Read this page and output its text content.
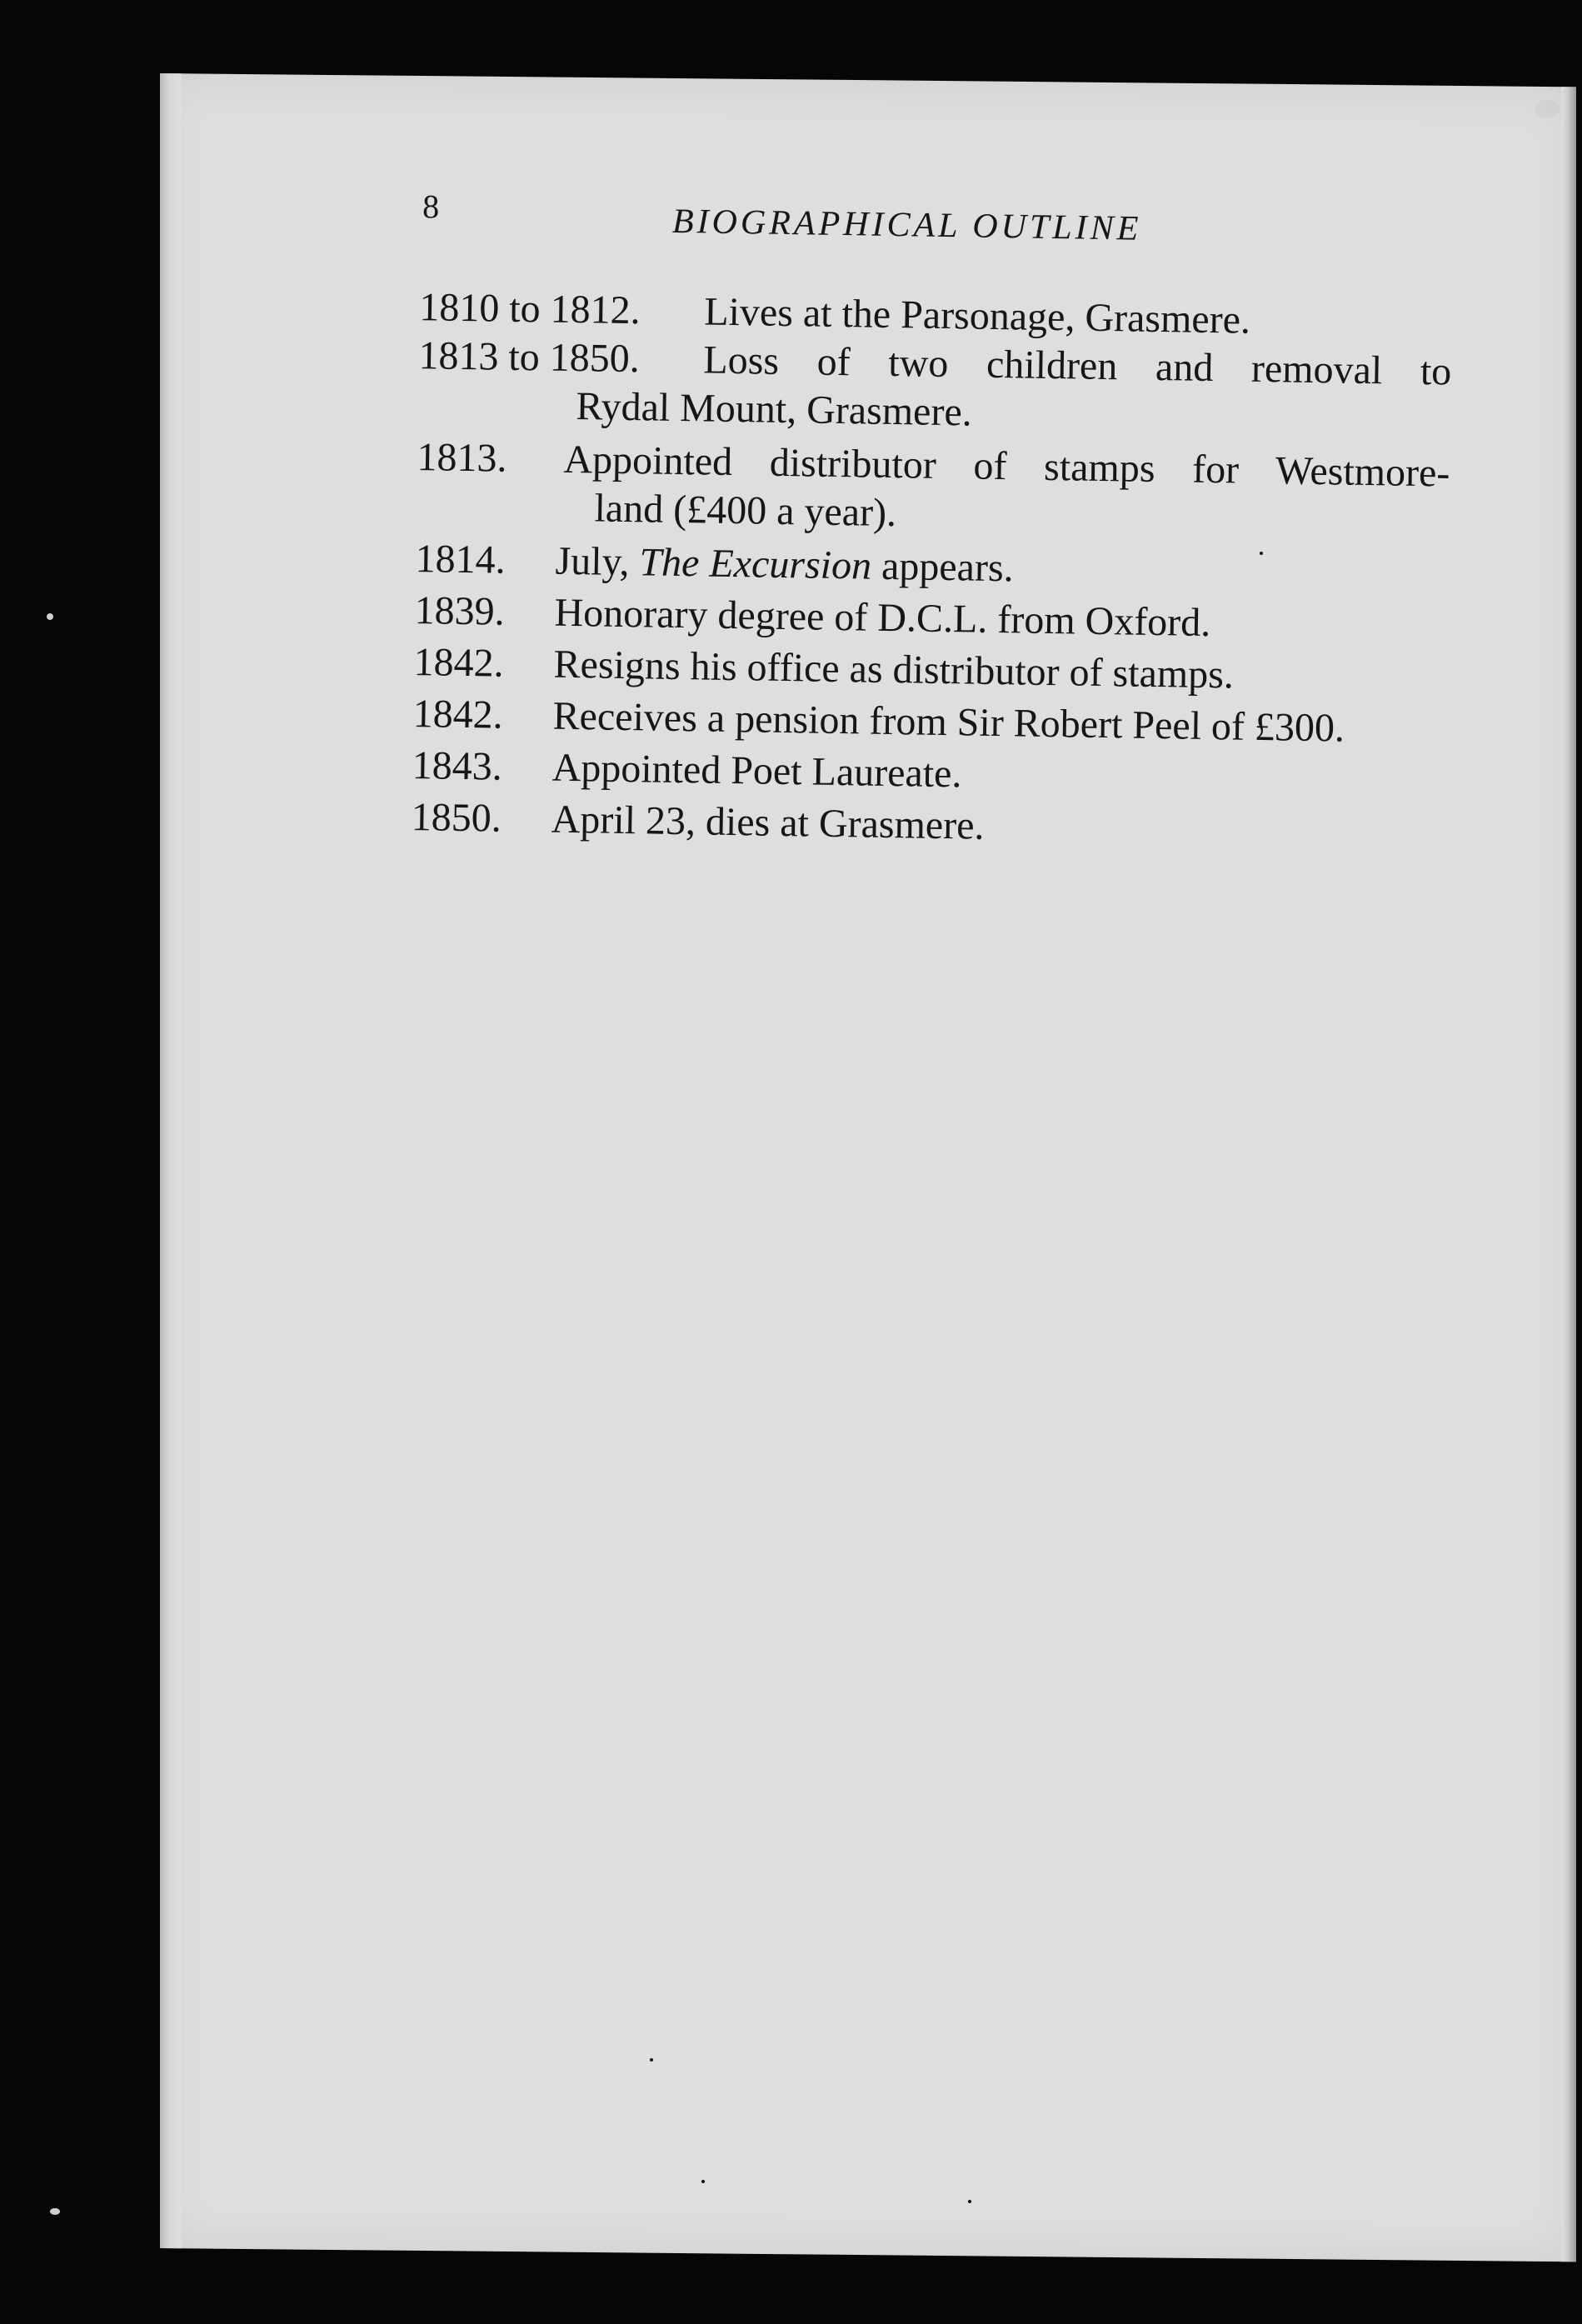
8	BIOGRAPHICAL OUTLINE
1810 to 1812.	Lives at the Parsonage, Grasmere.
1813 to 1850.	Loss of two children and removal to
Rydal Mount, Grasmere.
1813.	Appointed distributor of stamps for Westmore-
land (£400 a year).
1814.	July, The Excursion appears.
1839.	Honorary degree of D.C.L. from Oxford.
1842.	Resigns his office as distributor of stamps.
1842.	Receives a pension from Sir Robert Peel of £300.
1843.	Appointed Poet Laureate.
1850.	April 23, dies at Grasmere.
